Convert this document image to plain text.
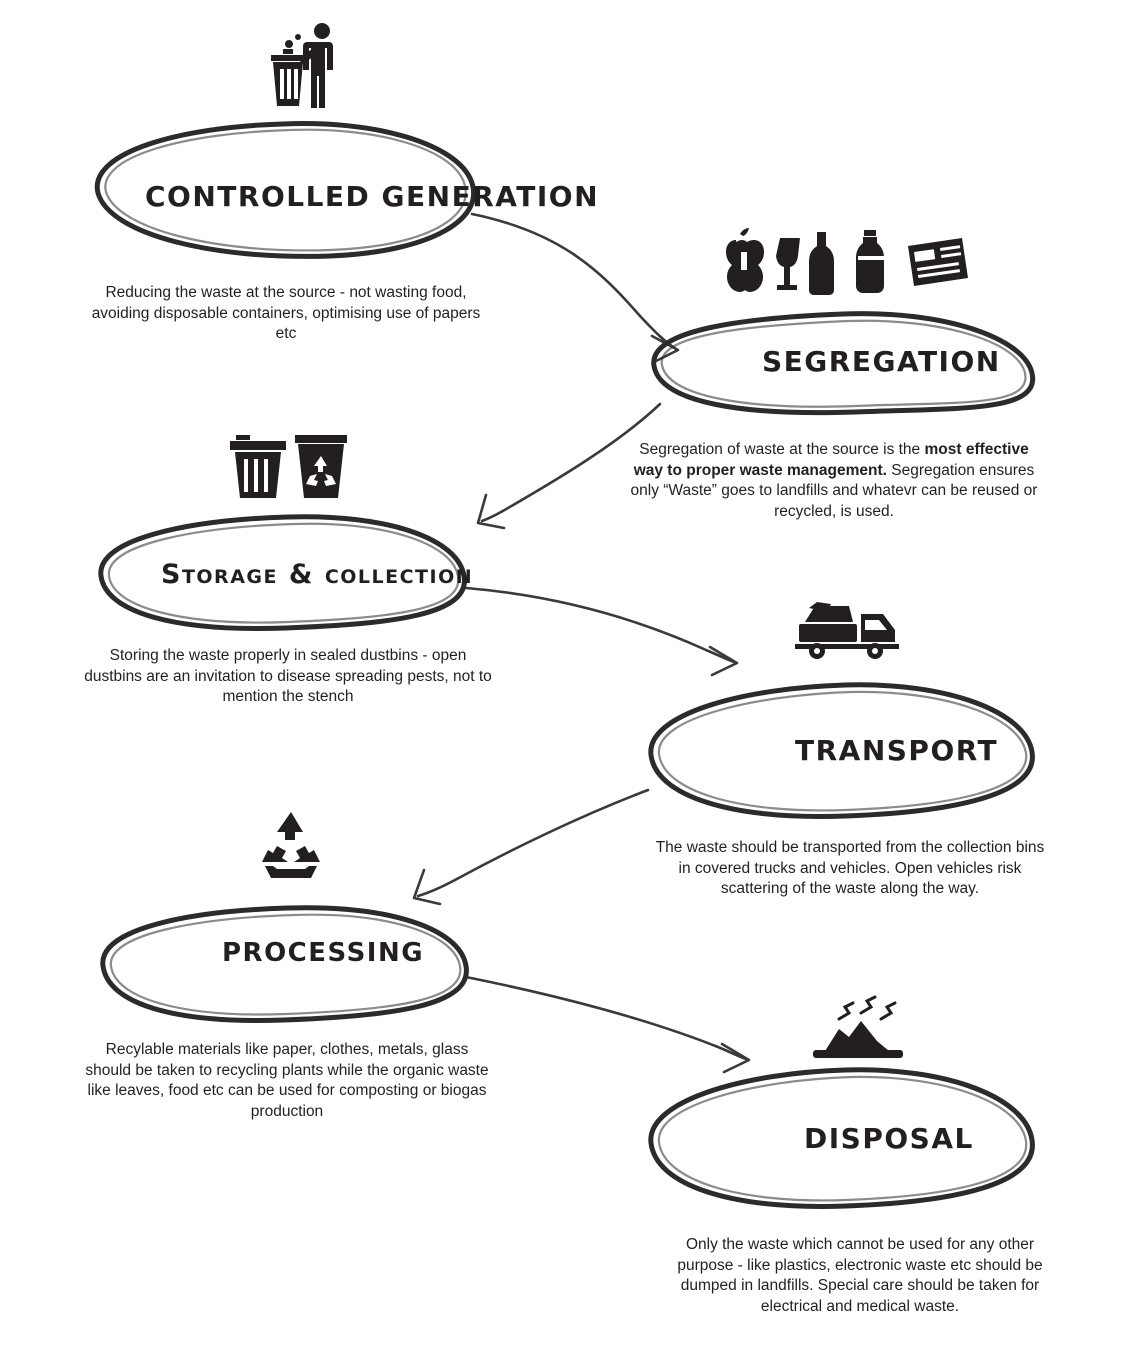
CONTROLLED GENERATION
SEGREGATION
Storage & collection
TRANSPORT
PROCESSING
DISPOSAL
Reducing the waste at the source - not wasting food, avoiding disposable containers, optimising use of papers etc
Segregation of waste at the source is the most effective way to proper waste management. Segregation ensures only “Waste” goes to landfills and whatevr can be reused or recycled, is used.
Storing the waste properly in sealed dustbins - open dustbins are an invitation to disease spreading pests, not to mention the stench
The waste should be transported from the collection bins in covered trucks and vehicles. Open vehicles risk scattering of the waste along the way.
Recylable materials like paper, clothes, metals, glass should be taken to recycling plants while the organic waste like leaves, food etc can be used for composting or biogas production
Only the waste which cannot be used for any other purpose - like plastics, electronic waste etc should be dumped in landfills. Special care should be taken for electrical and medical waste.
